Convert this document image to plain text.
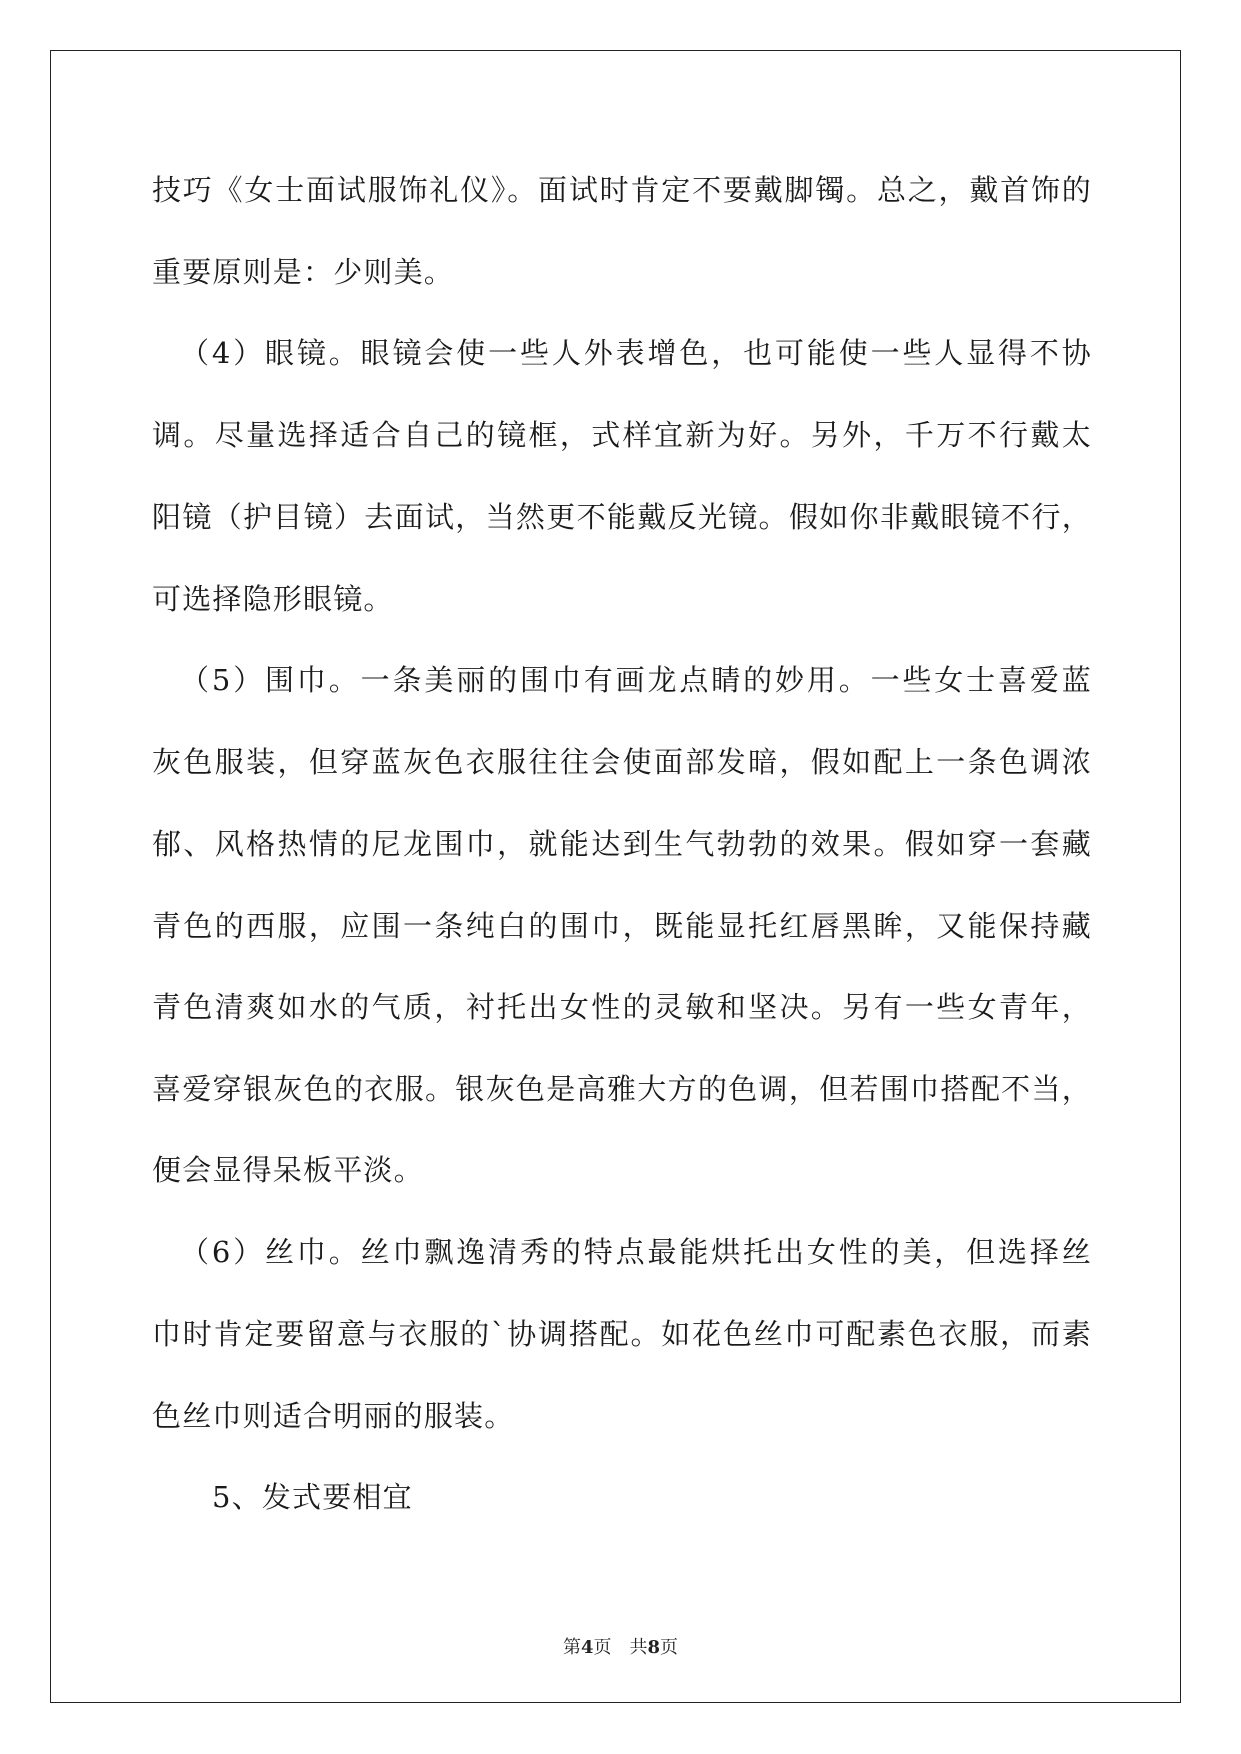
技巧《女士面试服饰礼仪》。面试时肯定不要戴脚镯。总之，戴首饰的
重要原则是：少则美。
（4）眼镜。眼镜会使一些人外表增色，也可能使一些人显得不协
调。尽量选择适合自己的镜框，式样宜新为好。另外，千万不行戴太
阳镜（护目镜）去面试，当然更不能戴反光镜。假如你非戴眼镜不行，
可选择隐形眼镜。
（5）围巾。一条美丽的围巾有画龙点睛的妙用。一些女士喜爱蓝
灰色服装，但穿蓝灰色衣服往往会使面部发暗，假如配上一条色调浓
郁、风格热情的尼龙围巾，就能达到生气勃勃的效果。假如穿一套藏
青色的西服，应围一条纯白的围巾，既能显托红唇黑眸，又能保持藏
青色清爽如水的气质，衬托出女性的灵敏和坚决。另有一些女青年，
喜爱穿银灰色的衣服。银灰色是高雅大方的色调，但若围巾搭配不当，
便会显得呆板平淡。
（6）丝巾。丝巾飘逸清秀的特点最能烘托出女性的美，但选择丝
巾时肯定要留意与衣服的`协调搭配。如花色丝巾可配素色衣服，而素
色丝巾则适合明丽的服装。
5、发式要相宜
第4页　共8页
